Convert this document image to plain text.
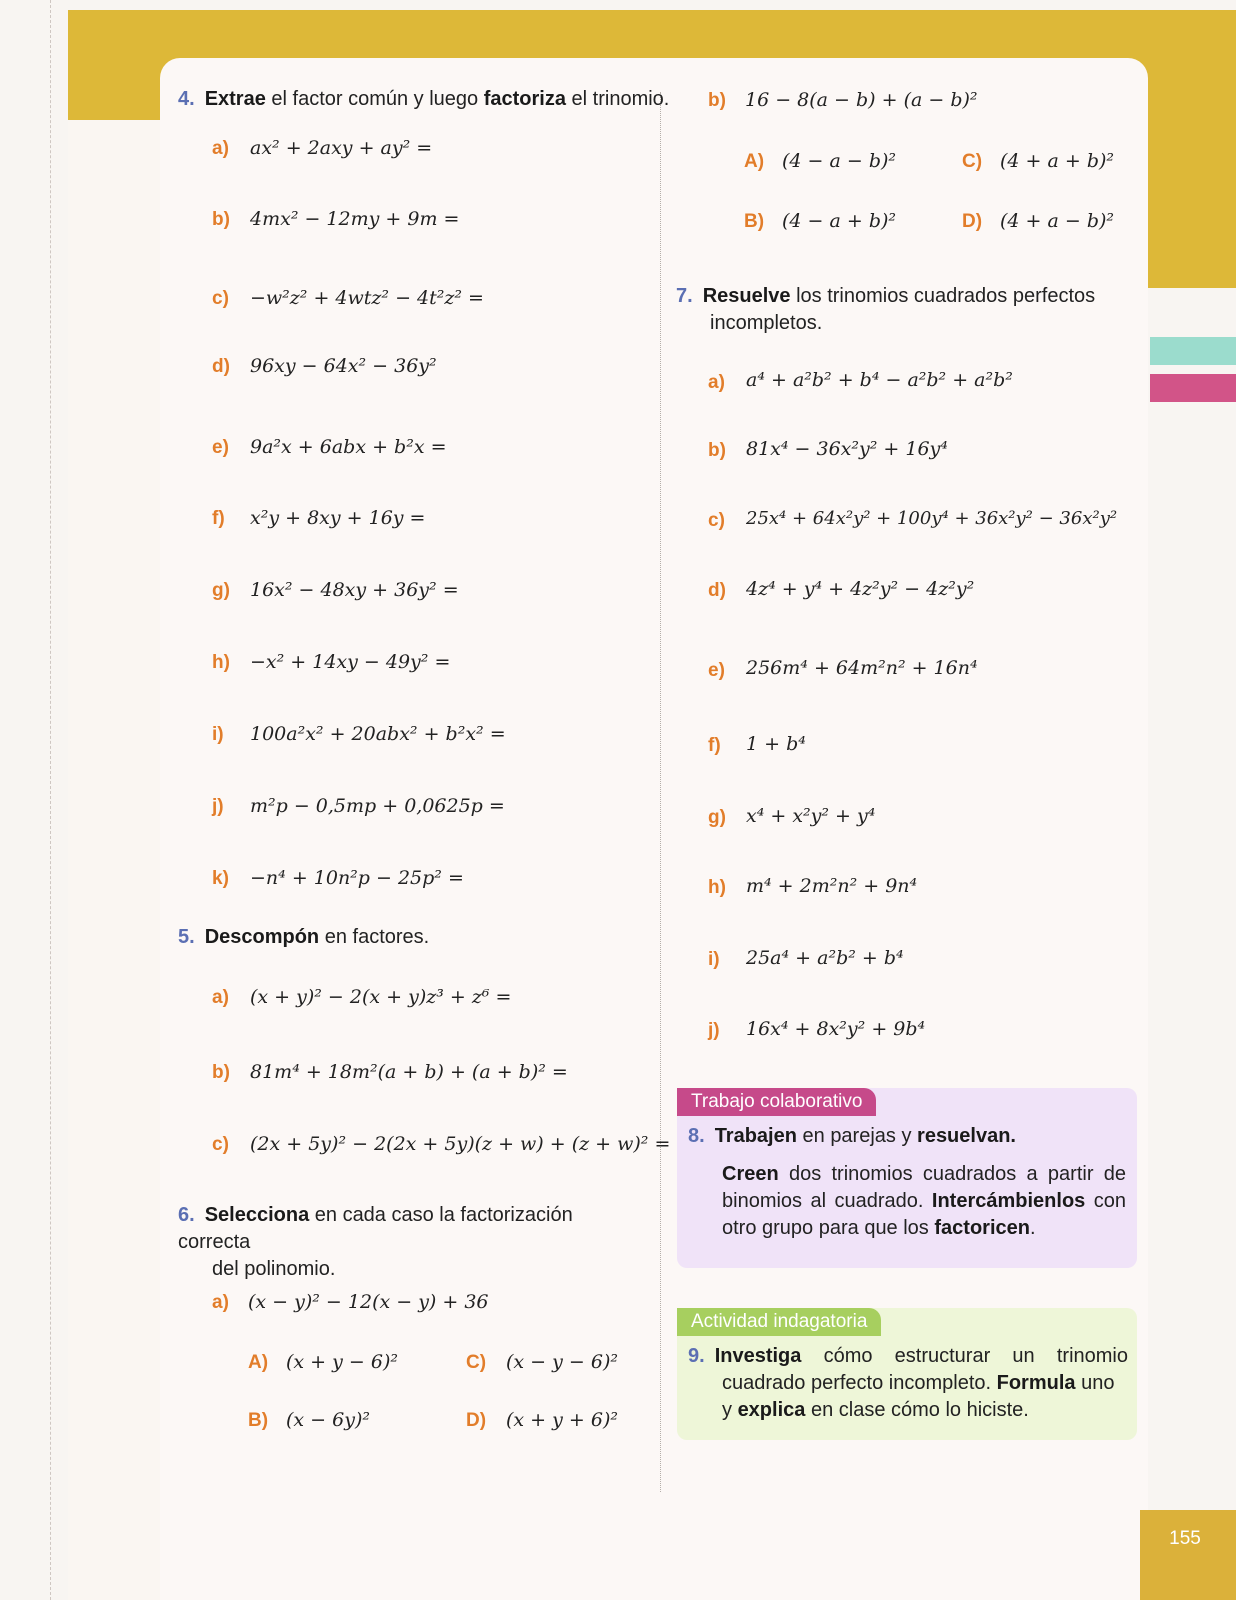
155
4. Extrae el factor común y luego factoriza el trinomio.
a) ax² + 2axy + ay² =
b) 4mx² − 12my + 9m =
c) −w²z² + 4wtz² − 4t²z² =
d) 96xy − 64x² − 36y²
e) 9a²x + 6abx + b²x =
f) x²y + 8xy + 16y =
g) 16x² − 48xy + 36y² =
h) −x² + 14xy − 49y² =
i) 100a²x² + 20abx² + b²x² =
j) m²p − 0,5mp + 0,0625p =
k) −n⁴ + 10n²p − 25p² =
5. Descompón en factores.
a) (x + y)² − 2(x + y)z³ + z⁶ =
b) 81m⁴ + 18m²(a + b) + (a + b)² =
c) (2x + 5y)² − 2(2x + 5y)(z + w) + (z + w)² =
6. Selecciona en cada caso la factorización correcta
del polinomio.
a) (x − y)² − 12(x − y) + 36
A) (x + y − 6)²	C) (x − y − 6)²
B) (x − 6y)²	D) (x + y + 6)²
b) 16 − 8(a − b) + (a − b)²
A) (4 − a − b)²	C) (4 + a + b)²
B) (4 − a + b)²	D) (4 + a − b)²
7. Resuelve los trinomios cuadrados perfectos
incompletos.
a) a⁴ + a²b² + b⁴ − a²b² + a²b²
b) 81x⁴ − 36x²y² + 16y⁴
c) 25x⁴ + 64x²y² + 100y⁴ + 36x²y² − 36x²y²
d) 4z⁴ + y⁴ + 4z²y² − 4z²y²
e) 256m⁴ + 64m²n² + 16n⁴
f) 1 + b⁴
g) x⁴ + x²y² + y⁴
h) m⁴ + 2m²n² + 9n⁴
i) 25a⁴ + a²b² + b⁴
j) 16x⁴ + 8x²y² + 9b⁴
Trabajo colaborativo
8. Trabajen en parejas y resuelvan.
Creen dos trinomios cuadrados a partir de binomios al cuadrado. Intercámbienlos con otro grupo para que los factoricen.
Actividad indagatoria
9. Investiga cómo estructurar un trinomio cuadrado perfecto incompleto. Formula uno
y explica en clase cómo lo hiciste.
